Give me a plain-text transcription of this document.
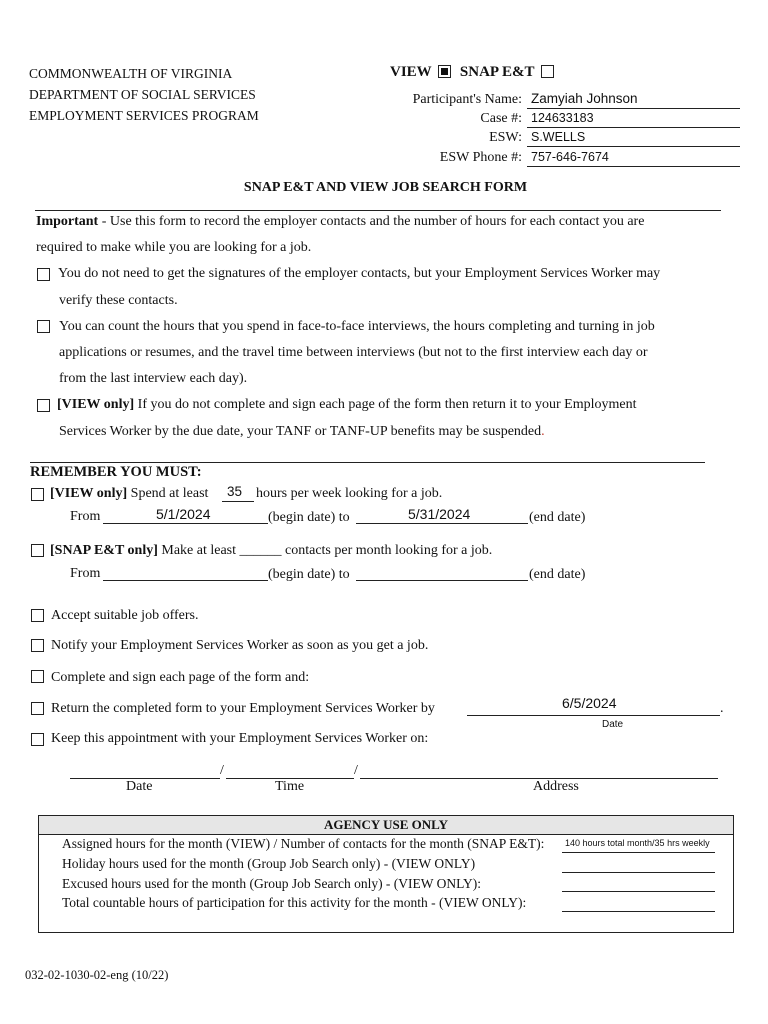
COMMONWEALTH OF VIRGINIA
DEPARTMENT OF SOCIAL SERVICES
EMPLOYMENT SERVICES PROGRAM
VIEW SNAP E&T
Participant's Name: Zamyiah Johnson
Case #: 124633183
ESW: S.WELLS
ESW Phone #: 757-646-7674
SNAP E&T AND VIEW JOB SEARCH FORM
Important - Use this form to record the employer contacts and the number of hours for each contact you are
required to make while you are looking for a job.
You do not need to get the signatures of the employer contacts, but your Employment Services Worker may
verify these contacts.
You can count the hours that you spend in face-to-face interviews, the hours completing and turning in job
applications or resumes, and the travel time between interviews (but not to the first interview each day or
from the last interview each day).
[VIEW only] If you do not complete and sign each page of the form then return it to your Employment
Services Worker by the due date, your TANF or TANF-UP benefits may be suspended.
REMEMBER YOU MUST:
[VIEW only] Spend at least 35 hours per week looking for a job.
From	5/1/2024	(begin date) to	5/31/2024	(end date)
[SNAP E&T only] Make at least ______ contacts per month looking for a job.
From	(begin date) to	(end date)
Accept suitable job offers.
Notify your Employment Services Worker as soon as you get a job.
Complete and sign each page of the form and:
Return the completed form to your Employment Services Worker by	6/5/2024	.
Date
Keep this appointment with your Employment Services Worker on:
/	/
Date	Time	Address
AGENCY USE ONLY
Assigned hours for the month (VIEW) / Number of contacts for the month (SNAP E&T): 140 hours total month/35 hrs weekly
Holiday hours used for the month (Group Job Search only) - (VIEW ONLY)
Excused hours used for the month (Group Job Search only) - (VIEW ONLY):
Total countable hours of participation for this activity for the month - (VIEW ONLY):
032-02-1030-02-eng (10/22)
